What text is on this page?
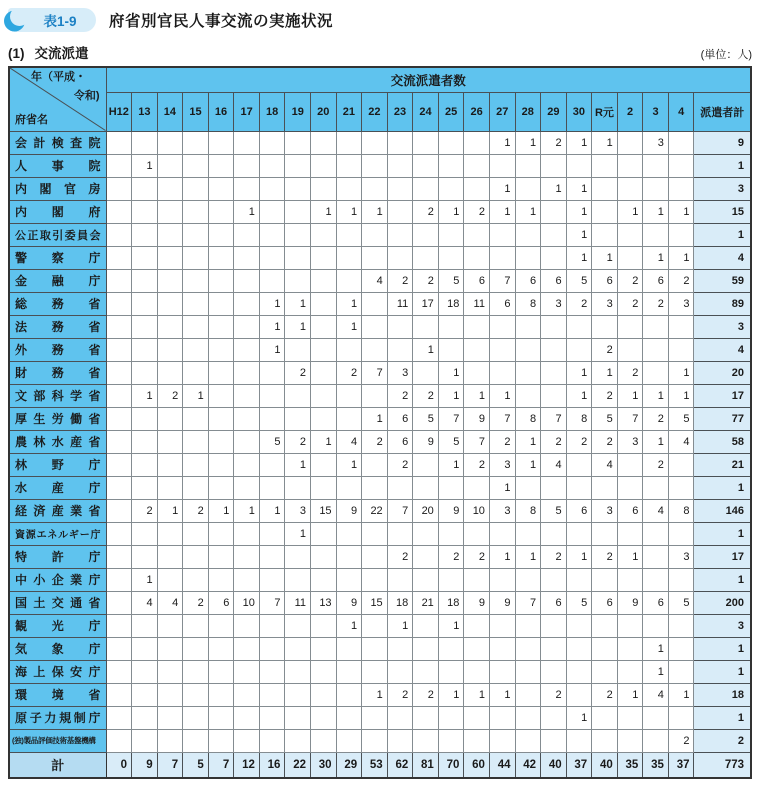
表1-9 府省別官民人事交流の実施状況
(1) 交流派遣	(単位：人)
年（平成・
令和)
府省名	交流派遣者数																							
	H12	13	14	15	16	17	18	19	20	21	22	23	24	25	26	27	28	29	30	R元	2	3	4	派遣者計
会計検査院																1	1	2	1	1		3		9
人事院		1																						1
内閣官房																1		1	1					3
内閣府						1			1	1	1		2	1	2	1	1		1		1	1	1	15
公正取引委員会																			1					1
警察庁																			1	1		1	1	4
金融庁											4	2	2	5	6	7	6	6	5	6	2	6	2	59
総務省							1	1		1		11	17	18	11	6	8	3	2	3	2	2	3	89
法務省							1	1		1														3
外務省							1						1							2				4
財務省								2		2	7	3		1					1	1	2		1	20
文部科学省		1	2	1								2	2	1	1	1			1	2	1	1	1	17
厚生労働省											1	6	5	7	9	7	8	7	8	5	7	2	5	77
農林水産省							5	2	1	4	2	6	9	5	7	2	1	2	2	2	3	1	4	58
林野庁								1		1		2		1	2	3	1	4		4		2		21
水産庁																1								1
経済産業省		2	1	2	1	1	1	3	15	9	22	7	20	9	10	3	8	5	6	3	6	4	8	146
資源エネルギー庁								1																1
特許庁												2		2	2	1	1	2	1	2	1		3	17
中小企業庁		1																						1
国土交通省		4	4	2	6	10	7	11	13	9	15	18	21	18	9	9	7	6	5	6	9	6	5	200
観光庁										1		1		1										3
気象庁																						1		1
海上保安庁																						1		1
環境省											1	2	2	1	1	1		2		2	1	4	1	18
原子力規制庁																			1					1
(独)製品評価技術基盤機構																							2	2
計	0	9	7	5	7	12	16	22	30	29	53	62	81	70	60	44	42	40	37	40	35	35	37	773
